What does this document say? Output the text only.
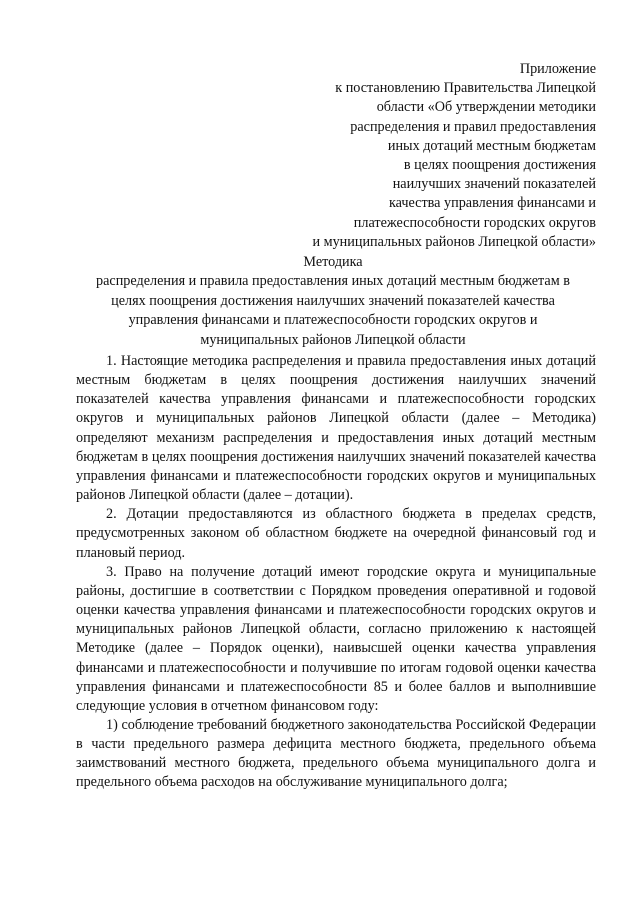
Приложение
к постановлению Правительства Липецкой
области «Об утверждении методики
распределения и правил предоставления
иных дотаций местным бюджетам
в целях поощрения достижения
наилучших значений показателей
качества управления финансами и
платежеспособности городских округов
и муниципальных районов Липецкой области»
Методика
распределения и правила предоставления иных дотаций местным бюджетам в
целях поощрения достижения наилучших значений показателей качества
управления финансами и платежеспособности городских округов и
муниципальных районов Липецкой области

1. Настоящие методика распределения и правила предоставления иных дотаций местным бюджетам в целях поощрения достижения наилучших значений показателей качества управления финансами и платежеспособности городских округов и муниципальных районов Липецкой области (далее – Методика) определяют механизм распределения и предоставления иных дотаций местным бюджетам в целях поощрения достижения наилучших значений показателей качества управления финансами и платежеспособности городских округов и муниципальных районов Липецкой области (далее – дотации).

2. Дотации предоставляются из областного бюджета в пределах средств, предусмотренных законом об областном бюджете на очередной финансовый год и плановый период.

3. Право на получение дотаций имеют городские округа и муниципальные районы, достигшие в соответствии с Порядком проведения оперативной и годовой оценки качества управления финансами и платежеспособности городских округов и муниципальных районов Липецкой области, согласно приложению к настоящей Методике (далее – Порядок оценки), наивысшей оценки качества управления финансами и платежеспособности и получившие по итогам годовой оценки качества управления финансами и платежеспособности 85 и более баллов и выполнившие следующие условия в отчетном финансовом году:

1) соблюдение требований бюджетного законодательства Российской Федерации в части предельного размера дефицита местного бюджета, предельного объема заимствований местного бюджета, предельного объема муниципального долга и предельного объема расходов на обслуживание муниципального долга;
